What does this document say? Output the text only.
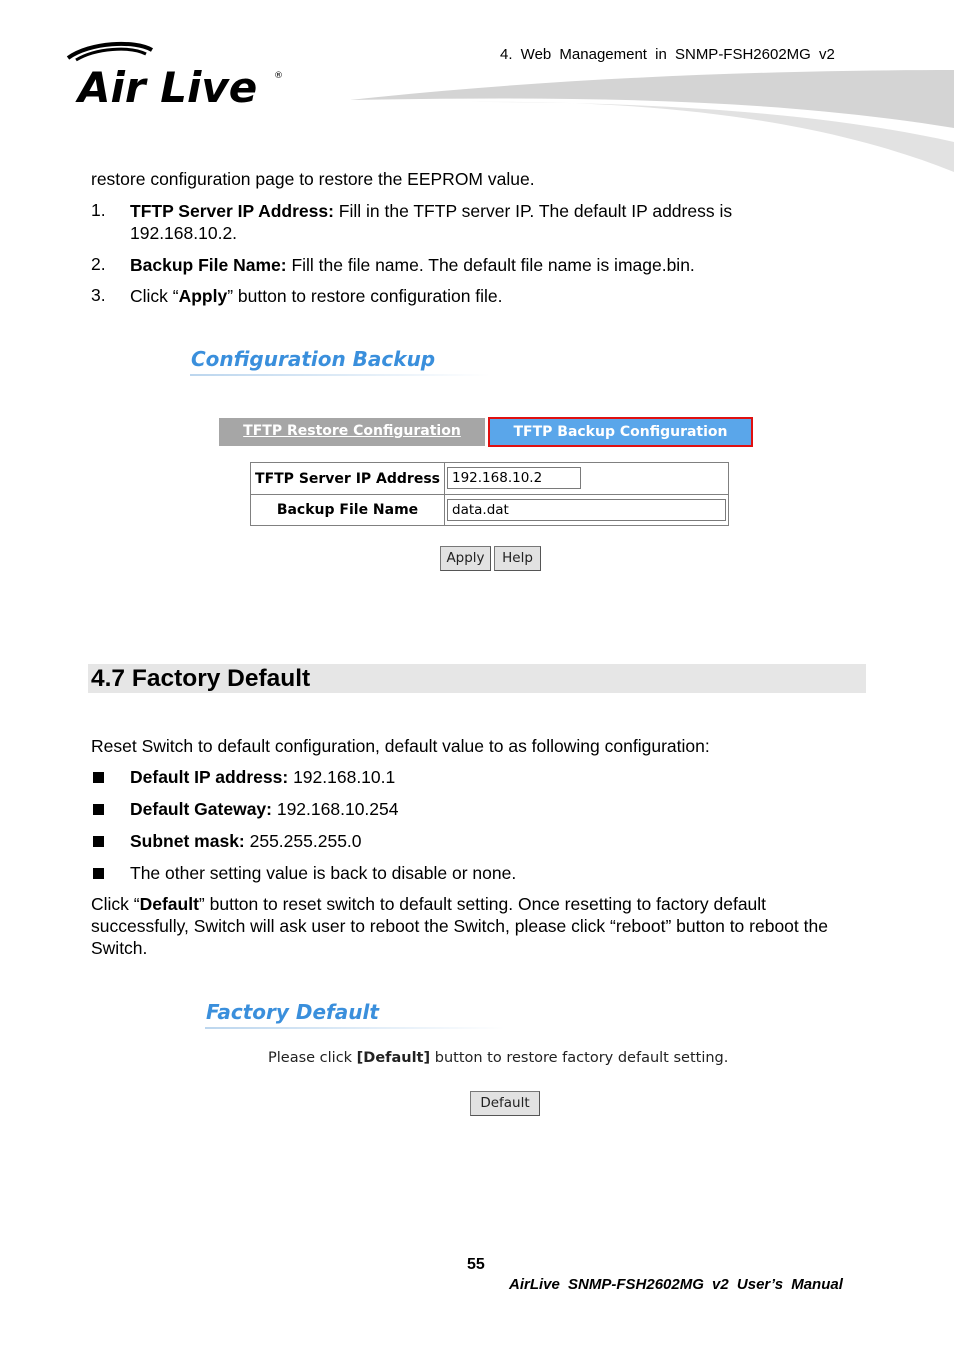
4. Web Management in SNMP-FSH2602MG v2
Air Live ®
restore configuration page to restore the EEPROM value.
1. TFTP Server IP Address: Fill in the TFTP server IP. The default IP address is 192.168.10.2.
2. Backup File Name: Fill the file name. The default file name is image.bin.
3. Click “Apply” button to restore configuration file.
Configuration Backup
TFTP Restore Configuration	TFTP Backup Configuration
TFTP Server IP Address
Backup File Name
192.168.10.2
data.dat
Apply	Help
4.7 Factory Default
Reset Switch to default configuration, default value to as following configuration:
Default IP address: 192.168.10.1
Default Gateway: 192.168.10.254
Subnet mask: 255.255.255.0
The other setting value is back to disable or none.
Click “Default” button to reset switch to default setting. Once resetting to factory default successfully, Switch will ask user to reboot the Switch, please click “reboot” button to reboot the Switch.
Factory Default
Please click [Default] button to restore factory default setting.
Default
55
AirLive SNMP-FSH2602MG v2 User’s Manual
